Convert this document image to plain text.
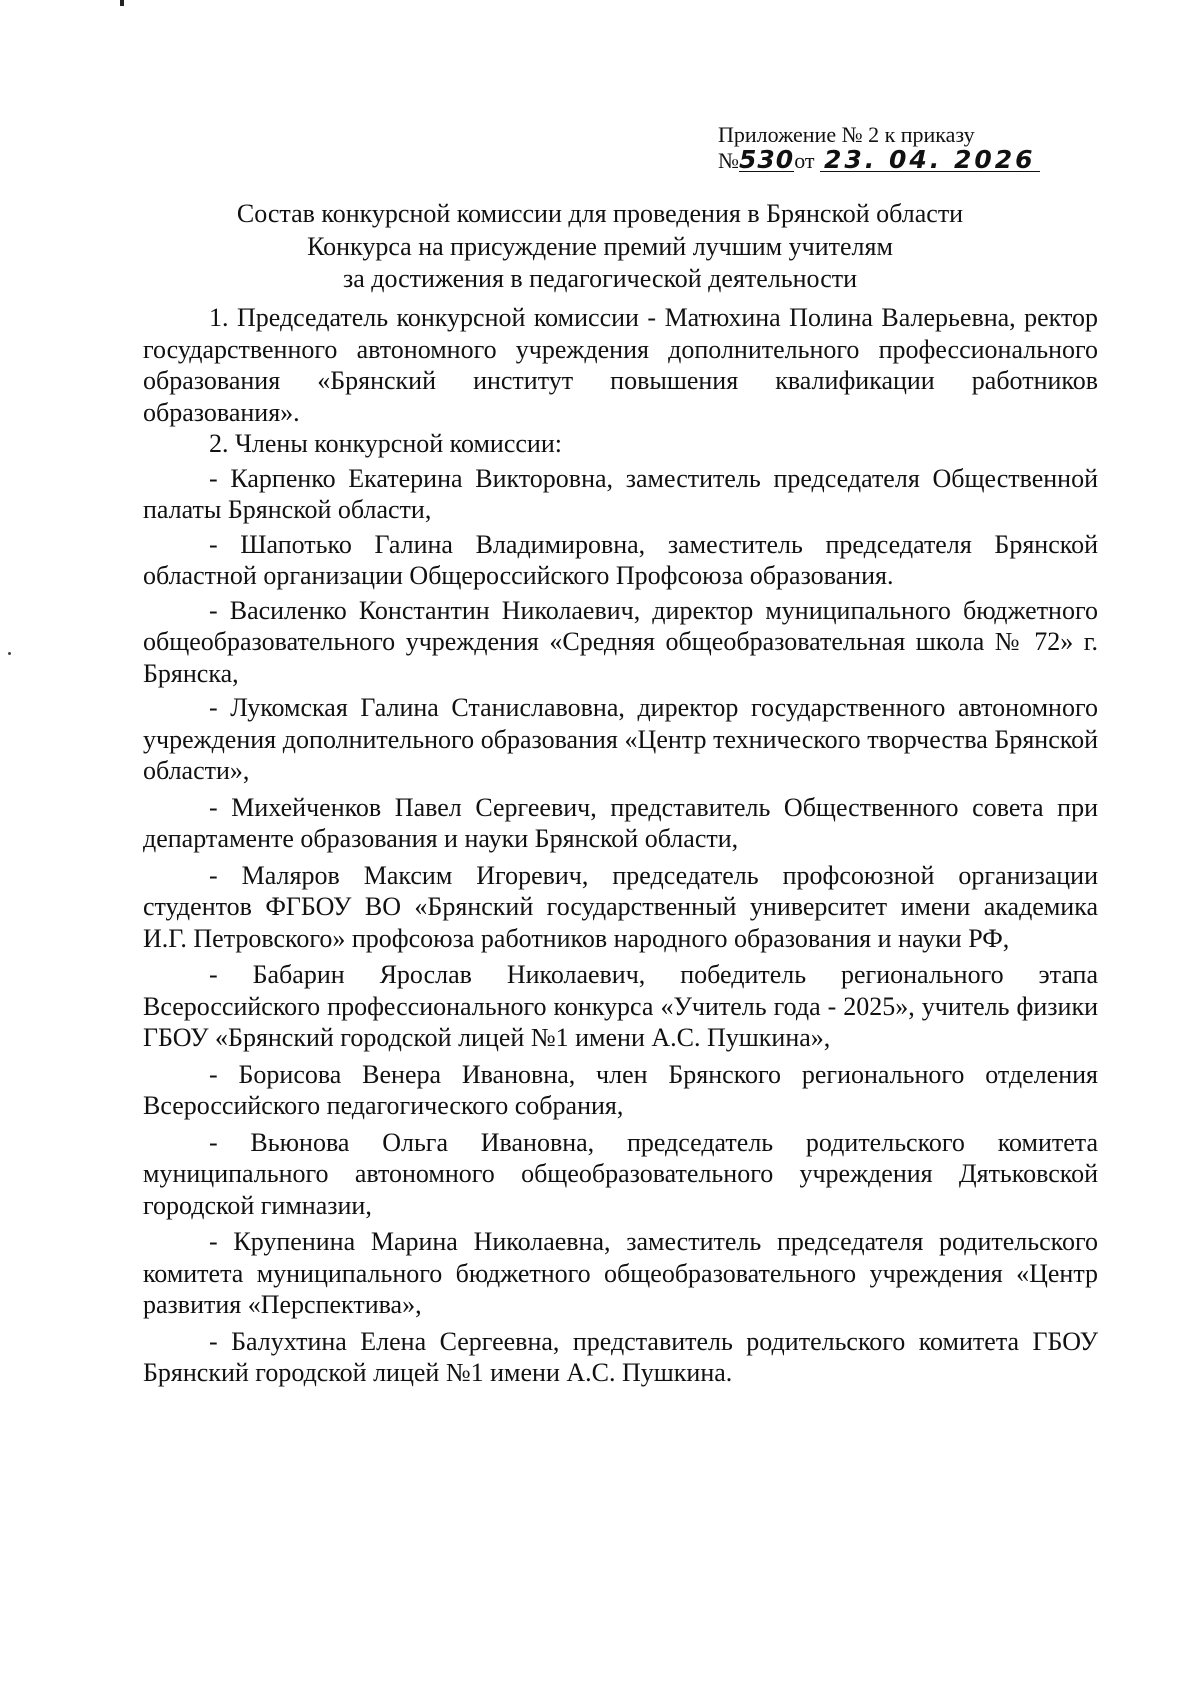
Приложение № 2 к приказу
№530от 23. 04. 2026
Состав конкурсной комиссии для проведения в Брянской области
Конкурса на присуждение премий лучшим учителям
за достижения в педагогической деятельности

1. Председатель конкурсной комиссии - Матюхина Полина Валерьевна, ректор государственного автономного учреждения дополнительного профессионального образования «Брянский институт повышения квалификации работников образования».

2. Члены конкурсной комиссии:

- Карпенко Екатерина Викторовна, заместитель председателя Общественной палаты Брянской области,

- Шапотько Галина Владимировна, заместитель председателя Брянской областной организации Общероссийского Профсоюза образования.

- Василенко Константин Николаевич, директор муниципального бюджетного общеобразовательного учреждения «Средняя общеобразовательная школа № 72» г. Брянска,

- Лукомская Галина Станиславовна, директор государственного автономного учреждения дополнительного образования «Центр технического творчества Брянской области»,

- Михейченков Павел Сергеевич, представитель Общественного совета при департаменте образования и науки Брянской области,

- Маляров Максим Игоревич, председатель профсоюзной организации студентов ФГБОУ ВО «Брянский государственный университет имени академика И.Г. Петровского» профсоюза работников народного образования и науки РФ,

- Бабарин Ярослав Николаевич, победитель регионального этапа Всероссийского профессионального конкурса «Учитель года - 2025», учитель физики ГБОУ «Брянский городской лицей №1 имени А.С. Пушкина»,

- Борисова Венера Ивановна, член Брянского регионального отделения Всероссийского педагогического собрания,

- Вьюнова Ольга Ивановна, председатель родительского комитета муниципального автономного общеобразовательного учреждения Дятьковской городской гимназии,

- Крупенина Марина Николаевна, заместитель председателя родительского комитета муниципального бюджетного общеобразовательного учреждения «Центр развития «Перспектива»,

- Балухтина Елена Сергеевна, представитель родительского комитета ГБОУ Брянский городской лицей №1 имени А.С. Пушкина.
